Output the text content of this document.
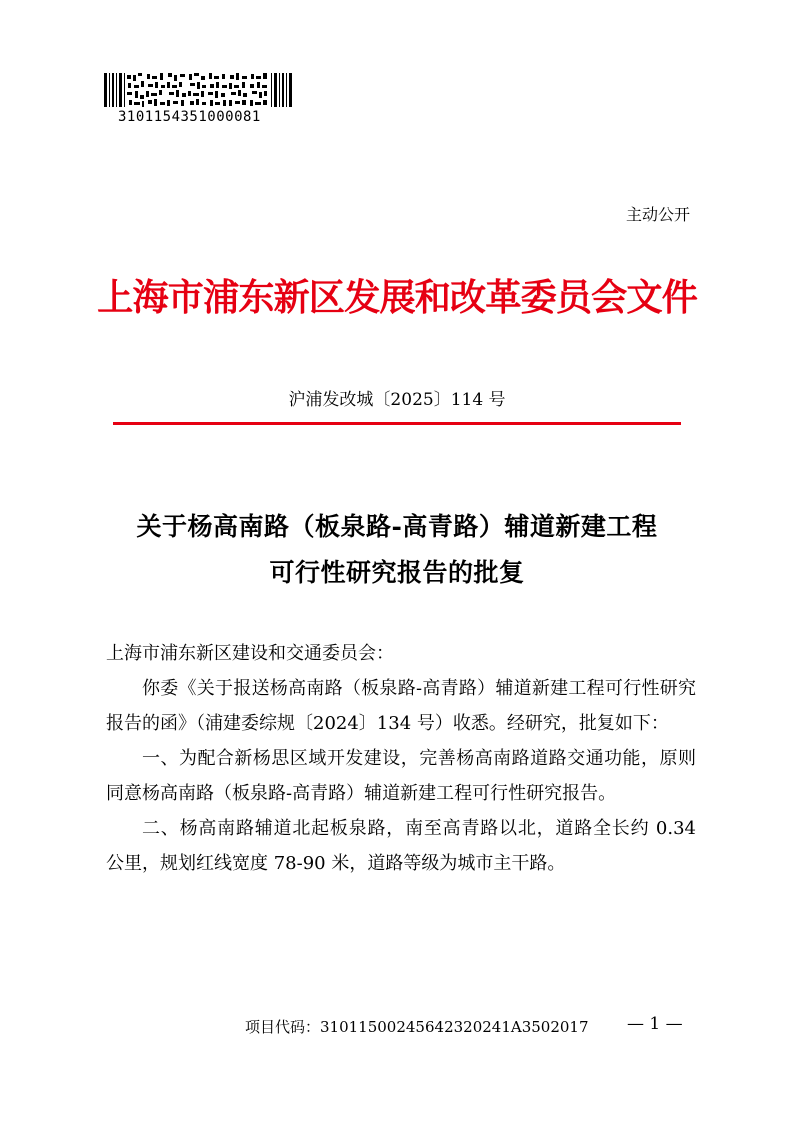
3101154351000081
主动公开
上海市浦东新区发展和改革委员会文件
沪浦发改城〔2025〕114 号
关于杨高南路（板泉路-高青路）辅道新建工程
可行性研究报告的批复

上海市浦东新区建设和交通委员会：

你委《关于报送杨高南路（板泉路-高青路）辅道新建工程可行性研究报告的函》（浦建委综规〔2024〕134 号）收悉。经研究，批复如下：

一、为配合新杨思区域开发建设，完善杨高南路道路交通功能，原则同意杨高南路（板泉路-高青路）辅道新建工程可行性研究报告。

二、杨高南路辅道北起板泉路，南至高青路以北，道路全长约 0.34 公里，规划红线宽度 78-90 米，道路等级为城市主干路。

项目代码：31011500245642320241A3502017 — 1 —
